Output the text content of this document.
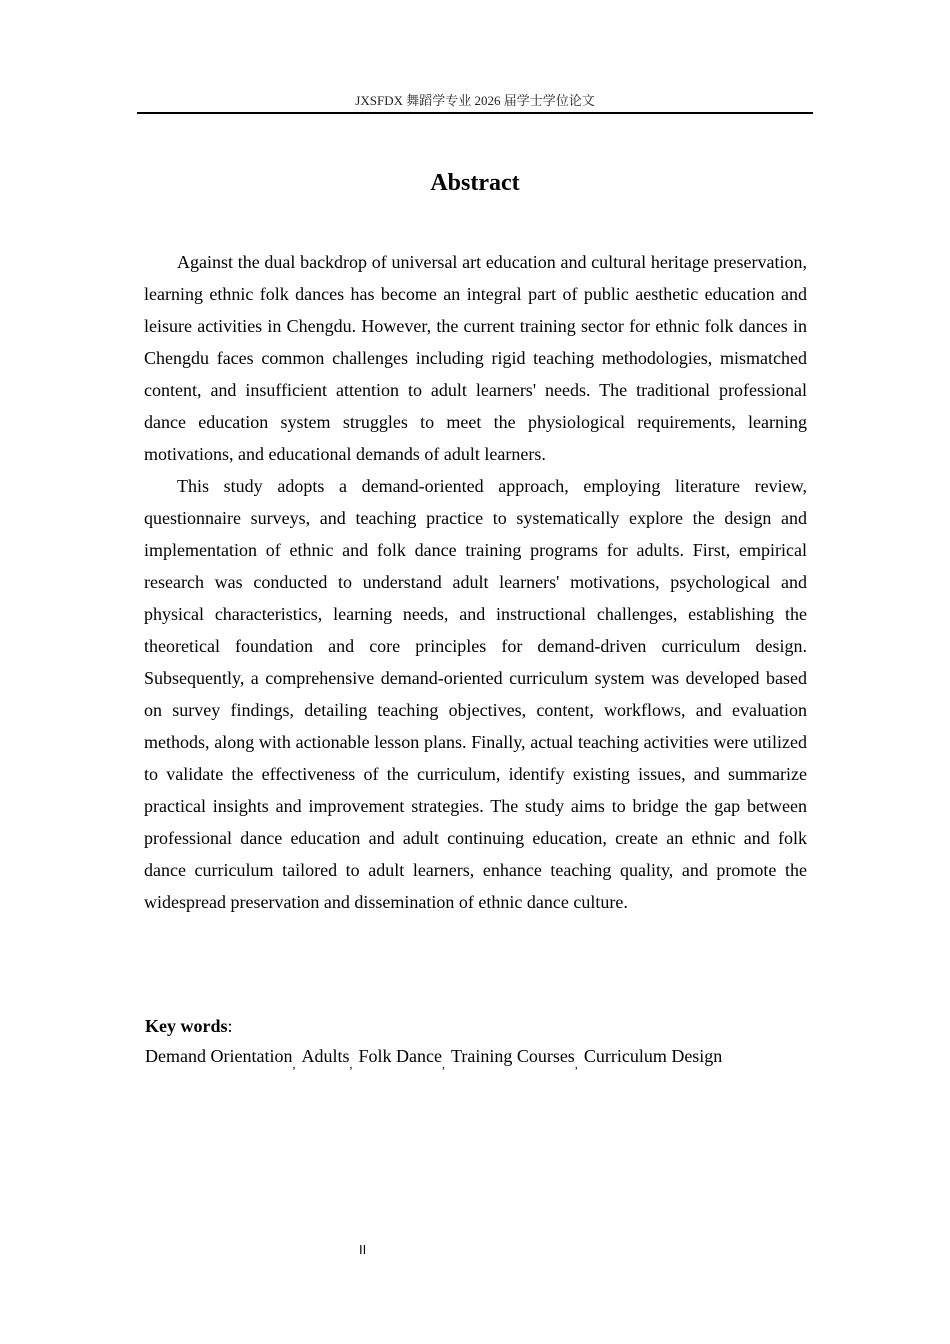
JXSFDX 舞蹈学专业 2026 届学士学位论文
Abstract

Against the dual backdrop of universal art education and cultural heritage preservation, learning ethnic folk dances has become an integral part of public aesthetic education and leisure activities in Chengdu. However, the current training sector for ethnic folk dances in Chengdu faces common challenges including rigid teaching methodologies, mismatched content, and insufficient attention to adult learners' needs. The traditional professional dance education system struggles to meet the physiological requirements, learning motivations, and educational demands of adult learners.

This study adopts a demand-oriented approach, employing literature review, questionnaire surveys, and teaching practice to systematically explore the design and implementation of ethnic and folk dance training programs for adults. First, empirical research was conducted to understand adult learners' motivations, psychological and physical characteristics, learning needs, and instructional challenges, establishing the theoretical foundation and core principles for demand-driven curriculum design. Subsequently, a comprehensive demand-oriented curriculum system was developed based on survey findings, detailing teaching objectives, content, workflows, and evaluation methods, along with actionable lesson plans. Finally, actual teaching activities were utilized to validate the effectiveness of the curriculum, identify existing issues, and summarize practical insights and improvement strategies. The study aims to bridge the gap between professional dance education and adult continuing education, create an ethnic and folk dance curriculum tailored to adult learners, enhance teaching quality, and promote the widespread preservation and dissemination of ethnic dance culture.

Key words:
Demand Orientation$_,$ Adults$_,$ Folk Dance$_,$ Training Courses$_,$ Curriculum Design
II
